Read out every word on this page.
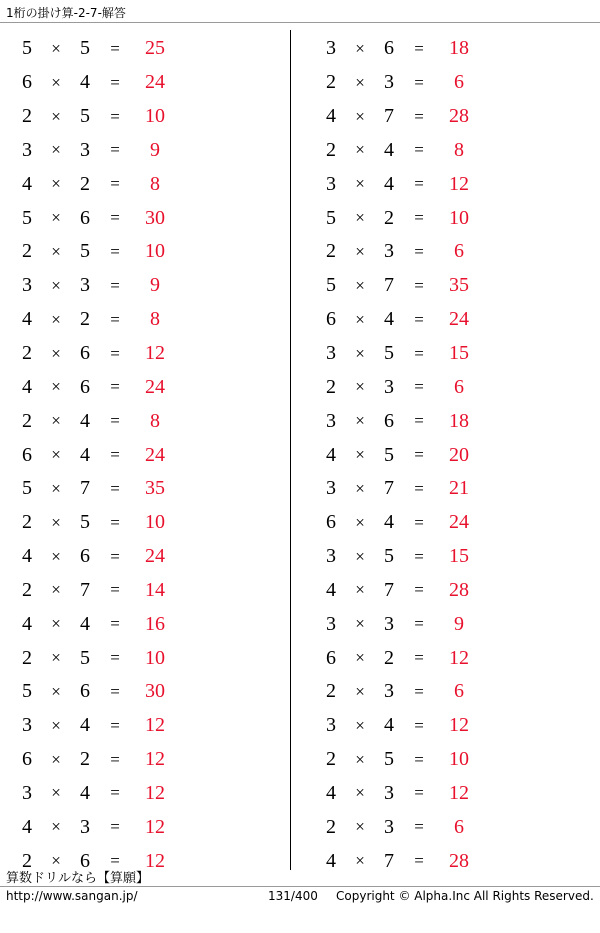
1桁の掛け算-2-7-解答
5	× 5	=	25
6	× 4	=	24
2	× 5	=	10
3	× 3	=	9
4	× 2	=	8
5	× 6	=	30
2	× 5	=	10
3	× 3	=	9
4	× 2	=	8
2	× 6	=	12
4	× 6	=	24
2	× 4	=	8
6	× 4	=	24
5	× 7	=	35
2	× 5	=	10
4	× 6	=	24
2	× 7	=	14
4	× 4	=	16
2	× 5	=	10
5	× 6	=	30
3	× 4	=	12
6	× 2	=	12
3	× 4	=	12
4	× 3	=	12
2	× 6	=	12
3	× 6	=	18
2	× 3	=	6
4	× 7	=	28
2	× 4	=	8
3	× 4	=	12
5	× 2	=	10
2	× 3	=	6
5	× 7	=	35
6	× 4	=	24
3	× 5	=	15
2	× 3	=	6
3	× 6	=	18
4	× 5	=	20
3	× 7	=	21
6	× 4	=	24
3	× 5	=	15
4	× 7	=	28
3	× 3	=	9
6	× 2	=	12
2	× 3	=	6
3	× 4	=	12
2	× 5	=	10
4	× 3	=	12
2	× 3	=	6
4	× 7	=	28
算数ドリルなら【算願】
http://www.sangan.jp/	131/400 Copyright © Alpha.Inc All Rights Reserved.
